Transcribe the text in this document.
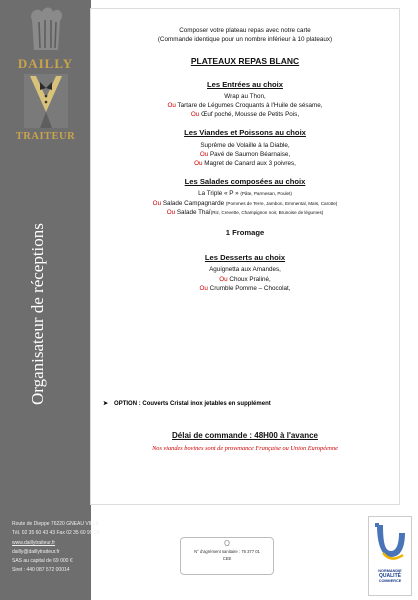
DAILLY
TRAITEUR
Organisateur de réceptions
Route de Dieppe 76220 GNEAU VILLE
Tél. 02 35 60 43 43 Fax 02 35 60 99 29
www.daillytraiteur.fr
dailly@daillytraiteur.fr
SAS au capital de 69 000 €
Siret : 440 087 572 00014
Composer votre plateau repas avec notre carte
(Commande identique pour un nombre inférieur à 10 plateaux)
PLATEAUX REPAS BLANC
Les Entrées au choix
Wrap au Thon,
Ou Tartare de Légumes Croquants à l'Huile de sésame,
Ou Œuf poché, Mousse de Petits Pois,
Les Viandes et Poissons au choix
Suprême de Volaille à la Diable,
Ou Pavé de Saumon Béarnaise,
Ou Magret de Canard aux 3 poivres,
Les Salades composées au choix
La Triple « P » (Pâte, Parmesan, Poulet)
Ou Salade Campagnarde (Pommes de Terre, Jambon, Emmental, Maïs, Carotte)
Ou Salade Thaï(Riz, Crevette, Champignon noir, Brunoise de légumes)
1 Fromage
Les Desserts au choix
Aguignetta aux Amandes,
Ou Choux Praliné,
Ou Crumble Pomme – Chocolat,
➤ OPTION : Couverts Cristal inox jetables en supplément
Délai de commande : 48H00 à l'avance
Nos viandes bovines sont de provenance Française ou Union Européenne
N° d'agrément sanitaire : 76 377 01
CEE
NORMANDIE
QUALITÉ
COMMERCE
